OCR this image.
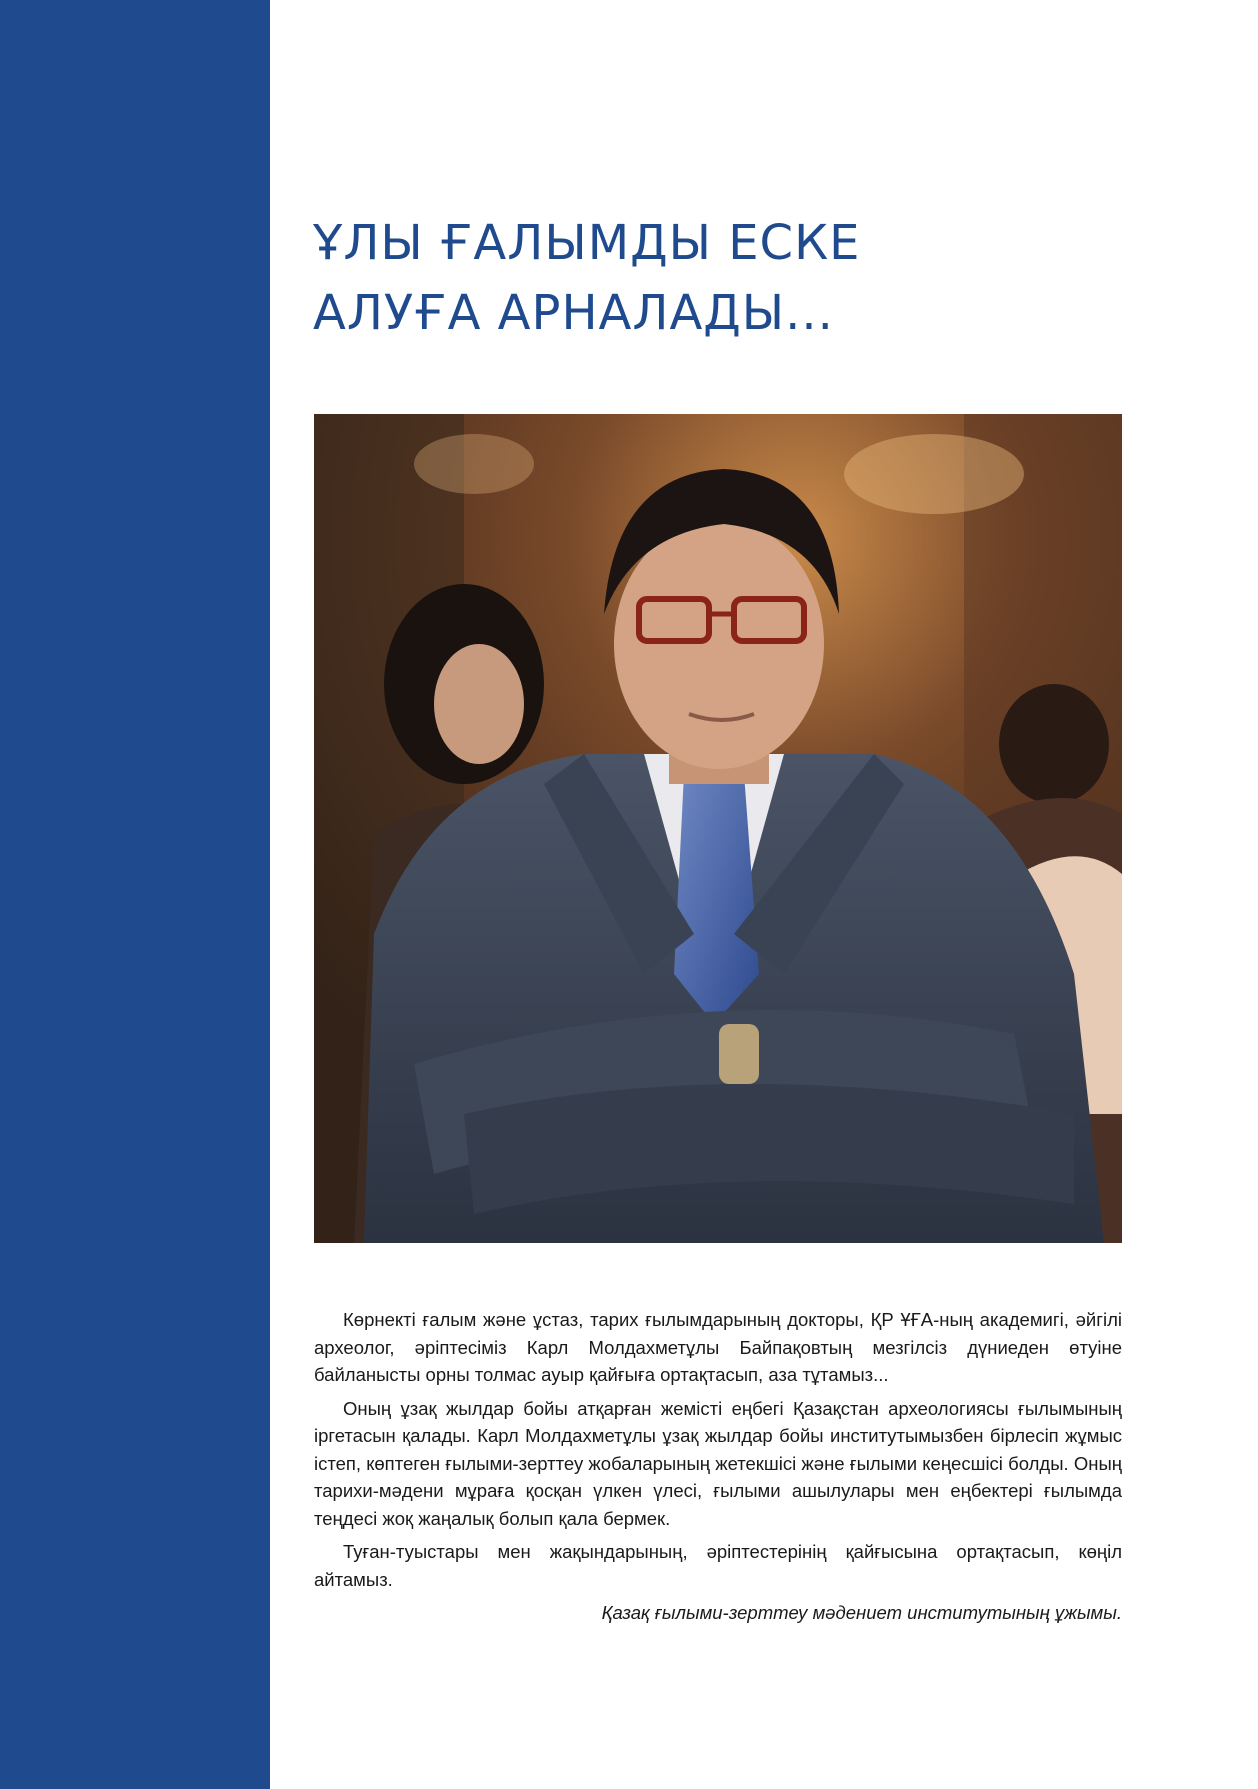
ҰЛЫ ҒАЛЫМДЫ ЕСКЕ
АЛУҒА АРНАЛАДЫ...

Көрнекті ғалым және ұстаз, тарих ғылымдарының докторы, ҚР ҰҒА-ның академигі, әйгілі археолог, әріптесіміз Карл Молдахметұлы Байпақовтың мезгілсіз дүниеден өтуіне байланысты орны толмас ауыр қайғыға ортақтасып, аза тұтамыз...

Оның ұзақ жылдар бойы атқарған жемісті еңбегі Қазақстан археологиясы ғылымының іргетасын қалады. Карл Молдахметұлы ұзақ жылдар бойы институтымызбен бірлесіп жұмыс істеп, көптеген ғылыми-зерттеу жобаларының жетекшісі және ғылыми кеңесшісі болды. Оның тарихи-мәдени мұрағa қосқан үлкен үлесі, ғылыми ашылулары мен еңбектері ғылымда теңдесі жоқ жаңалық болып қала бермек.

Туған-туыстары мен жақындарының, әріптестерінің қайғысына ортақтасып, көңіл айтамыз.

Қазақ ғылыми-зерттеу мәдениет институтының ұжымы.
